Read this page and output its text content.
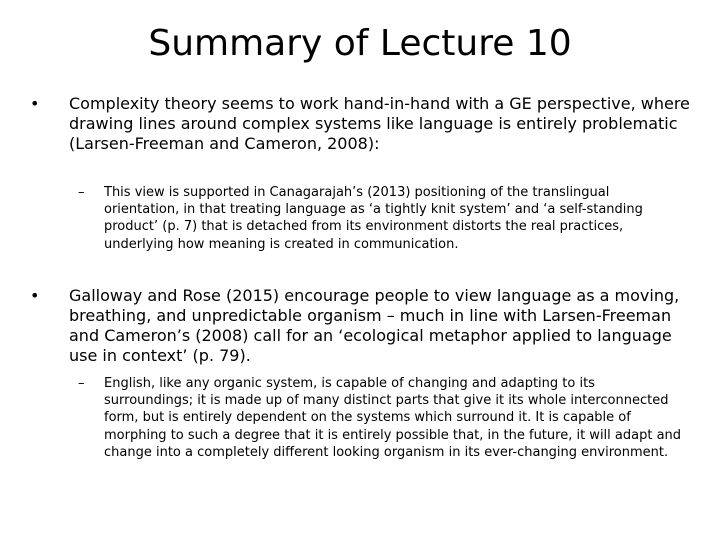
Summary of Lecture 10
•	Complexity theory seems to work hand-in-hand with a GE perspective, where drawing lines around complex systems like language is entirely problematic (Larsen-Freeman and Cameron, 2008):
–	This view is supported in Canagarajah’s (2013) positioning of the translingual orientation, in that treating language as ‘a tightly knit system’ and ‘a self-standing product’ (p. 7) that is detached from its environment distorts the real practices, underlying how meaning is created in communication.
•	Galloway and Rose (2015) encourage people to view language as a moving, breathing, and unpredictable organism – much in line with Larsen-Freeman and Cameron’s (2008) call for an ‘ecological metaphor applied to language use in context’ (p. 79).
–	English, like any organic system, is capable of changing and adapting to its surroundings; it is made up of many distinct parts that give it its whole interconnected form, but is entirely dependent on the systems which surround it. It is capable of morphing to such a degree that it is entirely possible that, in the future, it will adapt and change into a completely different looking organism in its ever-changing environment.
